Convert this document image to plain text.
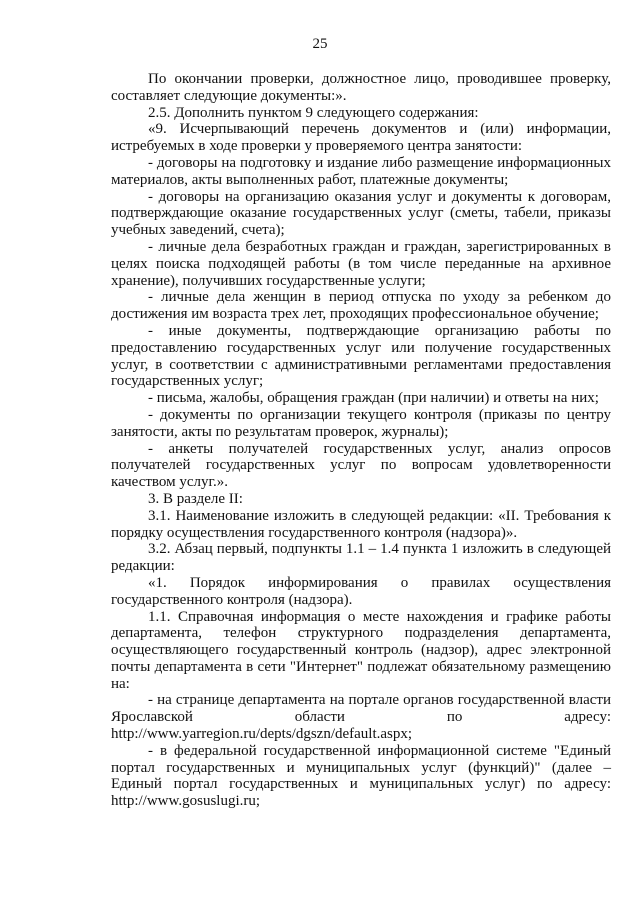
25

По окончании проверки, должностное лицо, проводившее проверку, составляет следующие документы:».

2.5. Дополнить пунктом 9 следующего содержания:

«9. Исчерпывающий перечень документов и (или) информации, истребуемых в ходе проверки у проверяемого центра занятости:

- договоры на подготовку и издание либо размещение информационных материалов, акты выполненных работ, платежные документы;

- договоры на организацию оказания услуг и документы к договорам, подтверждающие оказание государственных услуг (сметы, табели, приказы учебных заведений, счета);

- личные дела безработных граждан и граждан, зарегистрированных в целях поиска подходящей работы (в том числе переданные на архивное хранение), получивших государственные услуги;

- личные дела женщин в период отпуска по уходу за ребенком до достижения им возраста трех лет, проходящих профессиональное обучение;

- иные документы, подтверждающие организацию работы по предоставлению государственных услуг или получение государственных услуг, в соответствии с административными регламентами предоставления государственных услуг;

- письма, жалобы, обращения граждан (при наличии) и ответы на них;

- документы по организации текущего контроля (приказы по центру занятости, акты по результатам проверок, журналы);

- анкеты получателей государственных услуг, анализ опросов получателей государственных услуг по вопросам удовлетворенности качеством услуг.».

3. В разделе II:

3.1. Наименование изложить в следующей редакции: «II. Требования к порядку осуществления государственного контроля (надзора)».

3.2. Абзац первый, подпункты 1.1 – 1.4 пункта 1 изложить в следующей редакции:

«1. Порядок информирования о правилах осуществления государственного контроля (надзора).

1.1. Справочная информация о месте нахождения и графике работы департамента, телефон структурного подразделения департамента, осуществляющего государственный контроль (надзор), адрес электронной почты департамента в сети "Интернет" подлежат обязательному размещению на:

- на странице департамента на портале органов государственной власти Ярославской области по адресу: http://www.yarregion.ru/depts/dgszn/default.aspx;

- в федеральной государственной информационной системе "Единый портал государственных и муниципальных услуг (функций)" (далее – Единый портал государственных и муниципальных услуг) по адресу: http://www.gosuslugi.ru;
